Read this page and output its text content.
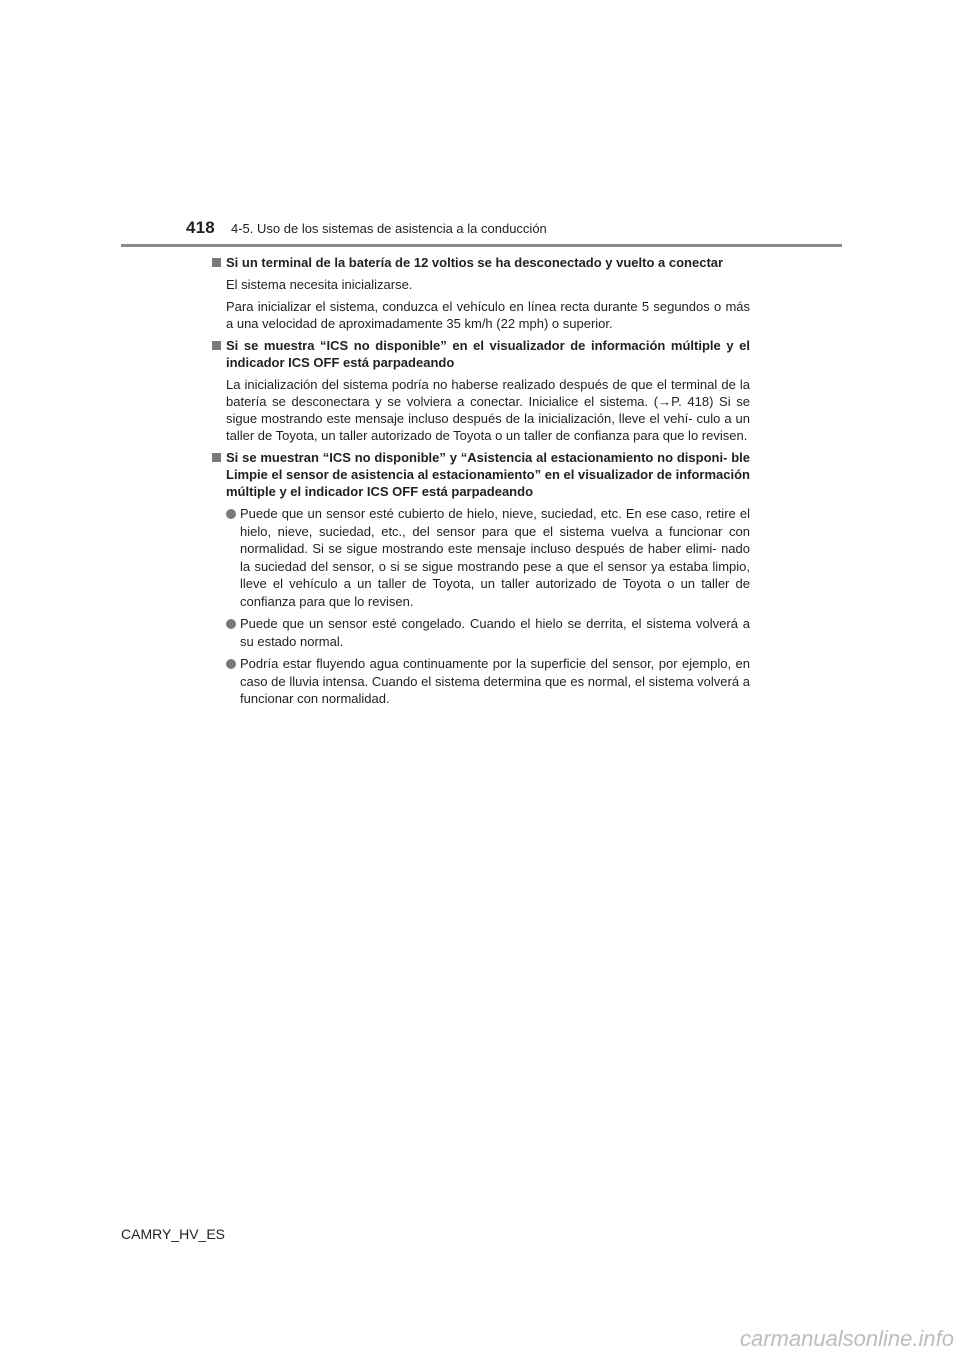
418 4-5. Uso de los sistemas de asistencia a la conducción
Si un terminal de la batería de 12 voltios se ha desconectado y vuelto a conectar
El sistema necesita inicializarse.
Para inicializar el sistema, conduzca el vehículo en línea recta durante 5 segundos o más a una velocidad de aproximadamente 35 km/h (22 mph) o superior.
Si se muestra “ICS no disponible” en el visualizador de información múltiple y el indicador ICS OFF está parpadeando
La inicialización del sistema podría no haberse realizado después de que el terminal de la batería se desconectara y se volviera a conectar. Inicialice el sistema. (→P. 418) Si se sigue mostrando este mensaje incluso después de la inicialización, lleve el vehí- culo a un taller de Toyota, un taller autorizado de Toyota o un taller de confianza para que lo revisen.
Si se muestran “ICS no disponible” y “Asistencia al estacionamiento no disponi- ble Limpie el sensor de asistencia al estacionamiento” en el visualizador de información múltiple y el indicador ICS OFF está parpadeando
Puede que un sensor esté cubierto de hielo, nieve, suciedad, etc. En ese caso, retire el hielo, nieve, suciedad, etc., del sensor para que el sistema vuelva a funcionar con normalidad. Si se sigue mostrando este mensaje incluso después de haber elimi- nado la suciedad del sensor, o si se sigue mostrando pese a que el sensor ya estaba limpio, lleve el vehículo a un taller de Toyota, un taller autorizado de Toyota o un taller de confianza para que lo revisen.
Puede que un sensor esté congelado. Cuando el hielo se derrita, el sistema volverá a su estado normal.
Podría estar fluyendo agua continuamente por la superficie del sensor, por ejemplo, en caso de lluvia intensa. Cuando el sistema determina que es normal, el sistema volverá a funcionar con normalidad.
CAMRY_HV_ES
carmanualsonline.info
